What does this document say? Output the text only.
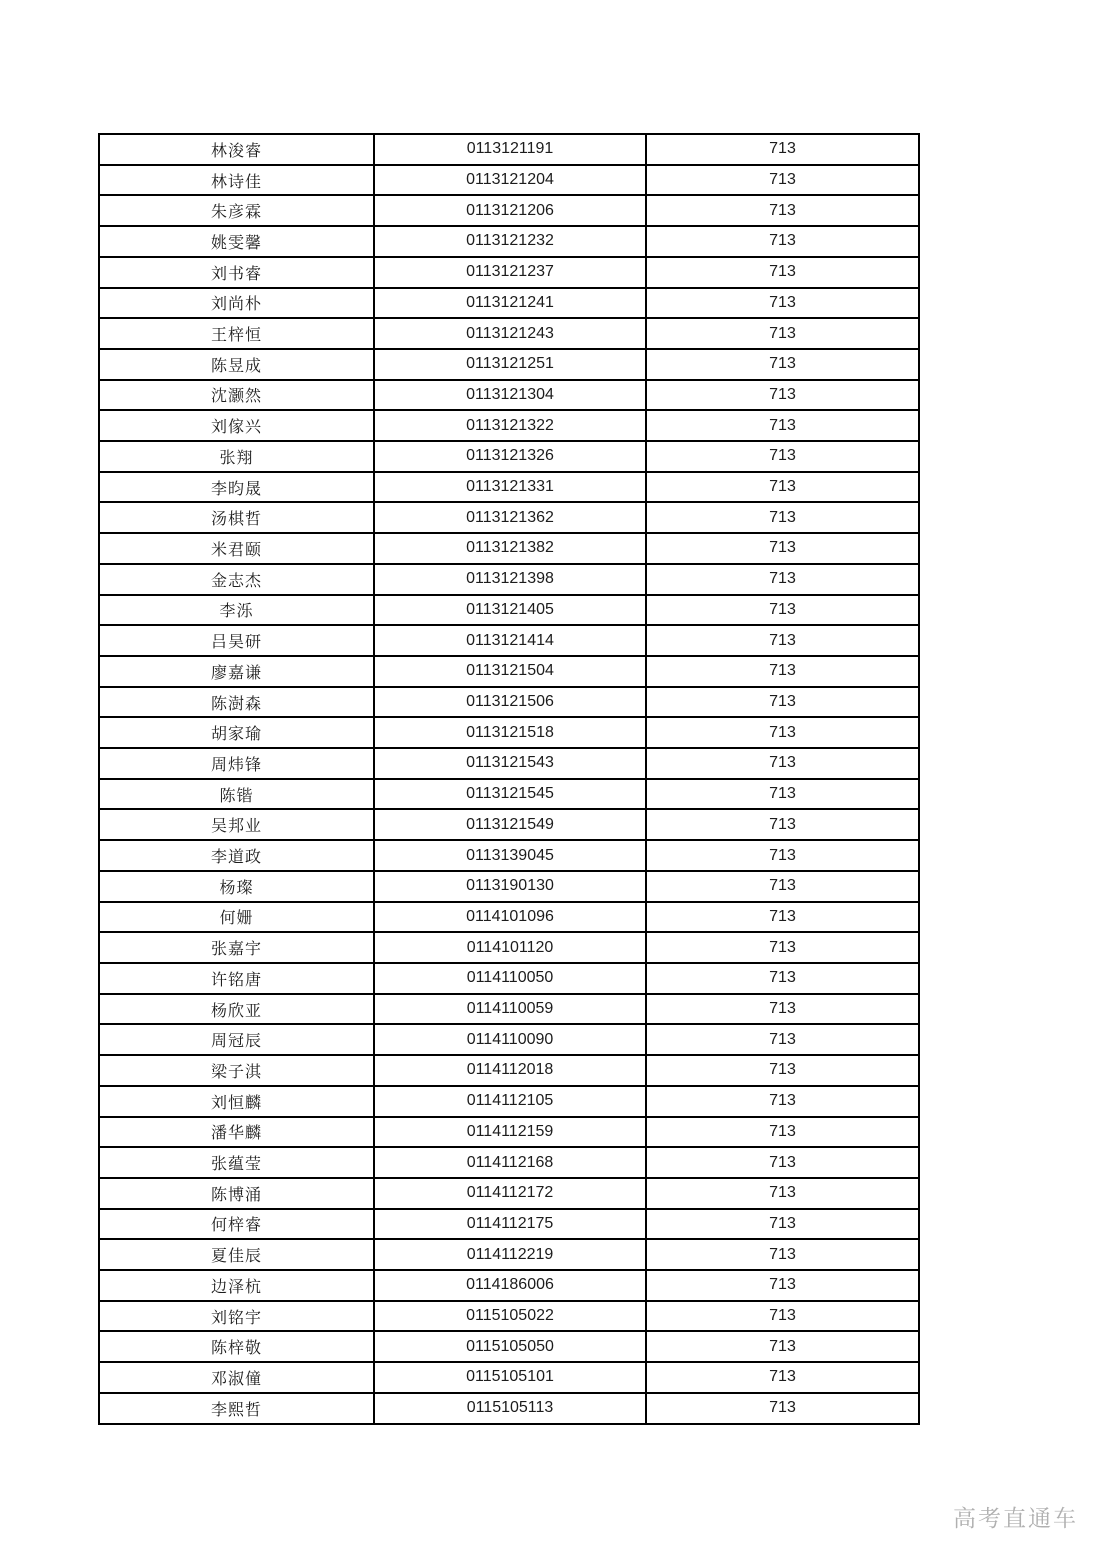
林浚睿	0113121191	713
林诗佳	0113121204	713
朱彦霖	0113121206	713
姚雯馨	0113121232	713
刘书睿	0113121237	713
刘尚朴	0113121241	713
王梓恒	0113121243	713
陈昱成	0113121251	713
沈灏然	0113121304	713
刘傢兴	0113121322	713
张翔	0113121326	713
李昀晟	0113121331	713
汤棋哲	0113121362	713
米君颐	0113121382	713
金志杰	0113121398	713
李泺	0113121405	713
吕昊研	0113121414	713
廖嘉谦	0113121504	713
陈澍森	0113121506	713
胡家瑜	0113121518	713
周炜锋	0113121543	713
陈锴	0113121545	713
吴邦业	0113121549	713
李道政	0113139045	713
杨璨	0113190130	713
何姗	0114101096	713
张嘉宇	0114101120	713
许铭唐	0114110050	713
杨欣亚	0114110059	713
周冠辰	0114110090	713
梁子淇	0114112018	713
刘恒麟	0114112105	713
潘华麟	0114112159	713
张蕴莹	0114112168	713
陈博涌	0114112172	713
何梓睿	0114112175	713
夏佳辰	0114112219	713
边泽杭	0114186006	713
刘铭宇	0115105022	713
陈梓敬	0115105050	713
邓淑僮	0115105101	713
李熙哲	0115105113	713
高考直通车
